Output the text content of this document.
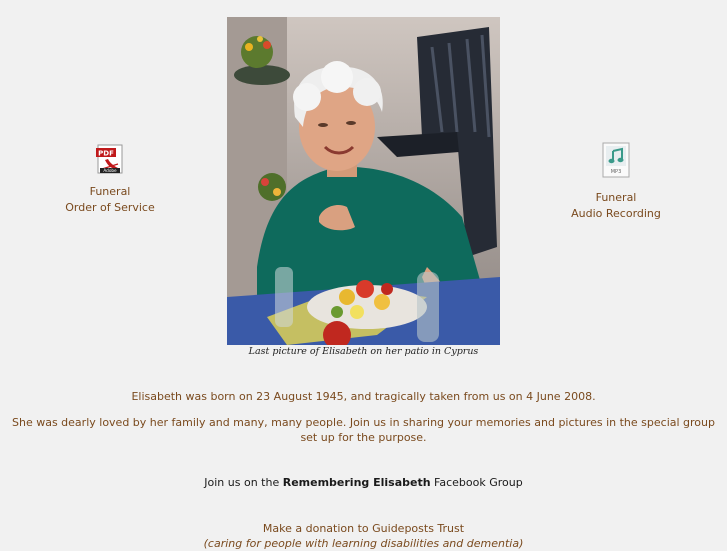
PDF
Adobe
Funeral
Order of Service
Last picture of Elisabeth on her patio in Cyprus
MP3
Funeral
Audio Recording
Elisabeth was born on 23 August 1945, and tragically taken from us on 4 June 2008.
She was dearly loved by her family and many, many people. Join us in sharing your memories and pictures in the special group set up for the purpose.
Join us on the Remembering Elisabeth Facebook Group
Make a donation to Guideposts Trust
(caring for people with learning disabilities and dementia)
